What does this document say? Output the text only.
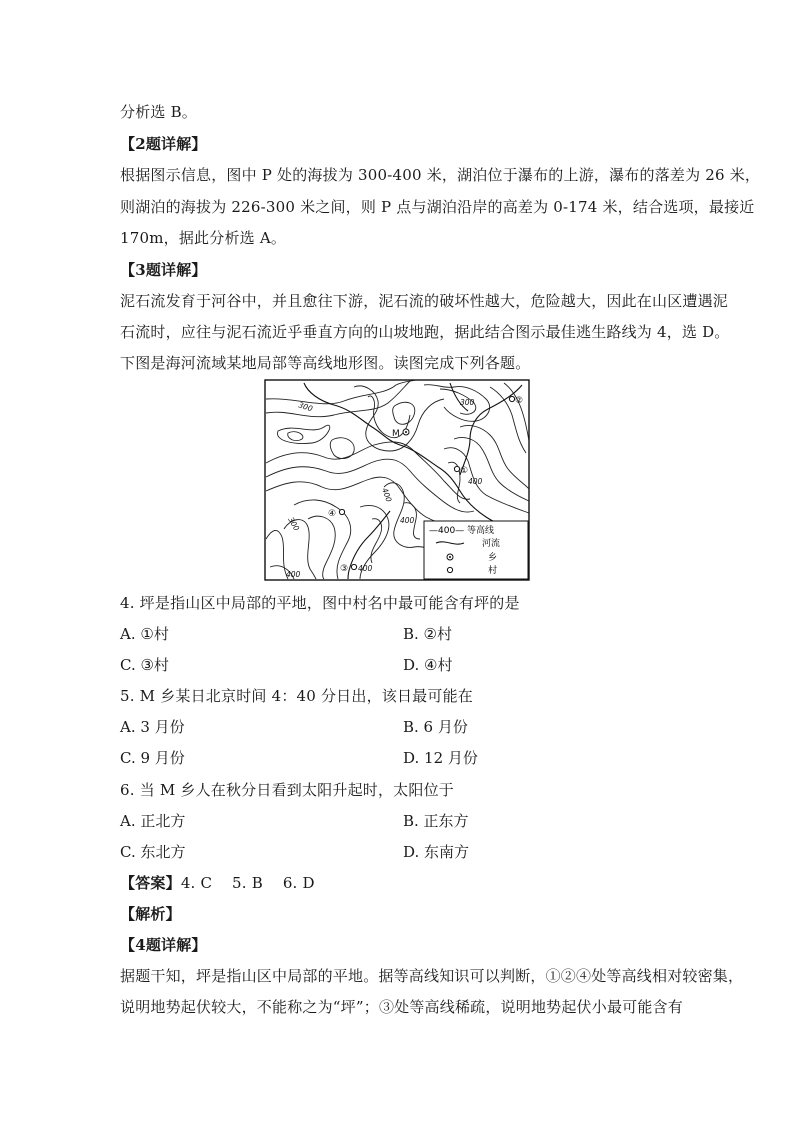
分析选 B。
【2题详解】
根据图示信息，图中 P 处的海拔为 300-400 米，湖泊位于瀑布的上游，瀑布的落差为 26 米，
则湖泊的海拔为 226-300 米之间，则 P 点与湖泊沿岸的高差为 0-174 米，结合选项，最接近
170m，据此分析选 A。
【3题详解】
泥石流发育于河谷中，并且愈往下游，泥石流的破坏性越大，危险越大，因此在山区遭遇泥
石流时，应往与泥石流近乎垂直方向的山坡地跑，据此结合图示最佳逃生路线为 4，选 D。
下图是海河流域某地局部等高线地形图。读图完成下列各题。
300	300
400
400
400
400
300
400
M
①
②
③
④
—400— 等高线
河流
乡
村
4. 坪是指山区中局部的平地，图中村名中最可能含有坪的是
A. ①村	B. ②村
C. ③村	D. ④村
5. M 乡某日北京时间 4：40 分日出，该日最可能在
A. 3 月份	B. 6 月份
C. 9 月份	D. 12 月份
6. 当 M 乡人在秋分日看到太阳升起时，太阳位于
A. 正北方	B. 正东方
C. 东北方	D. 东南方
【答案】4. C    5. B    6. D
【解析】
【4题详解】
据题干知，坪是指山区中局部的平地。据等高线知识可以判断，①②④处等高线相对较密集，
说明地势起伏较大，不能称之为“坪”；③处等高线稀疏，说明地势起伏小最可能含有
